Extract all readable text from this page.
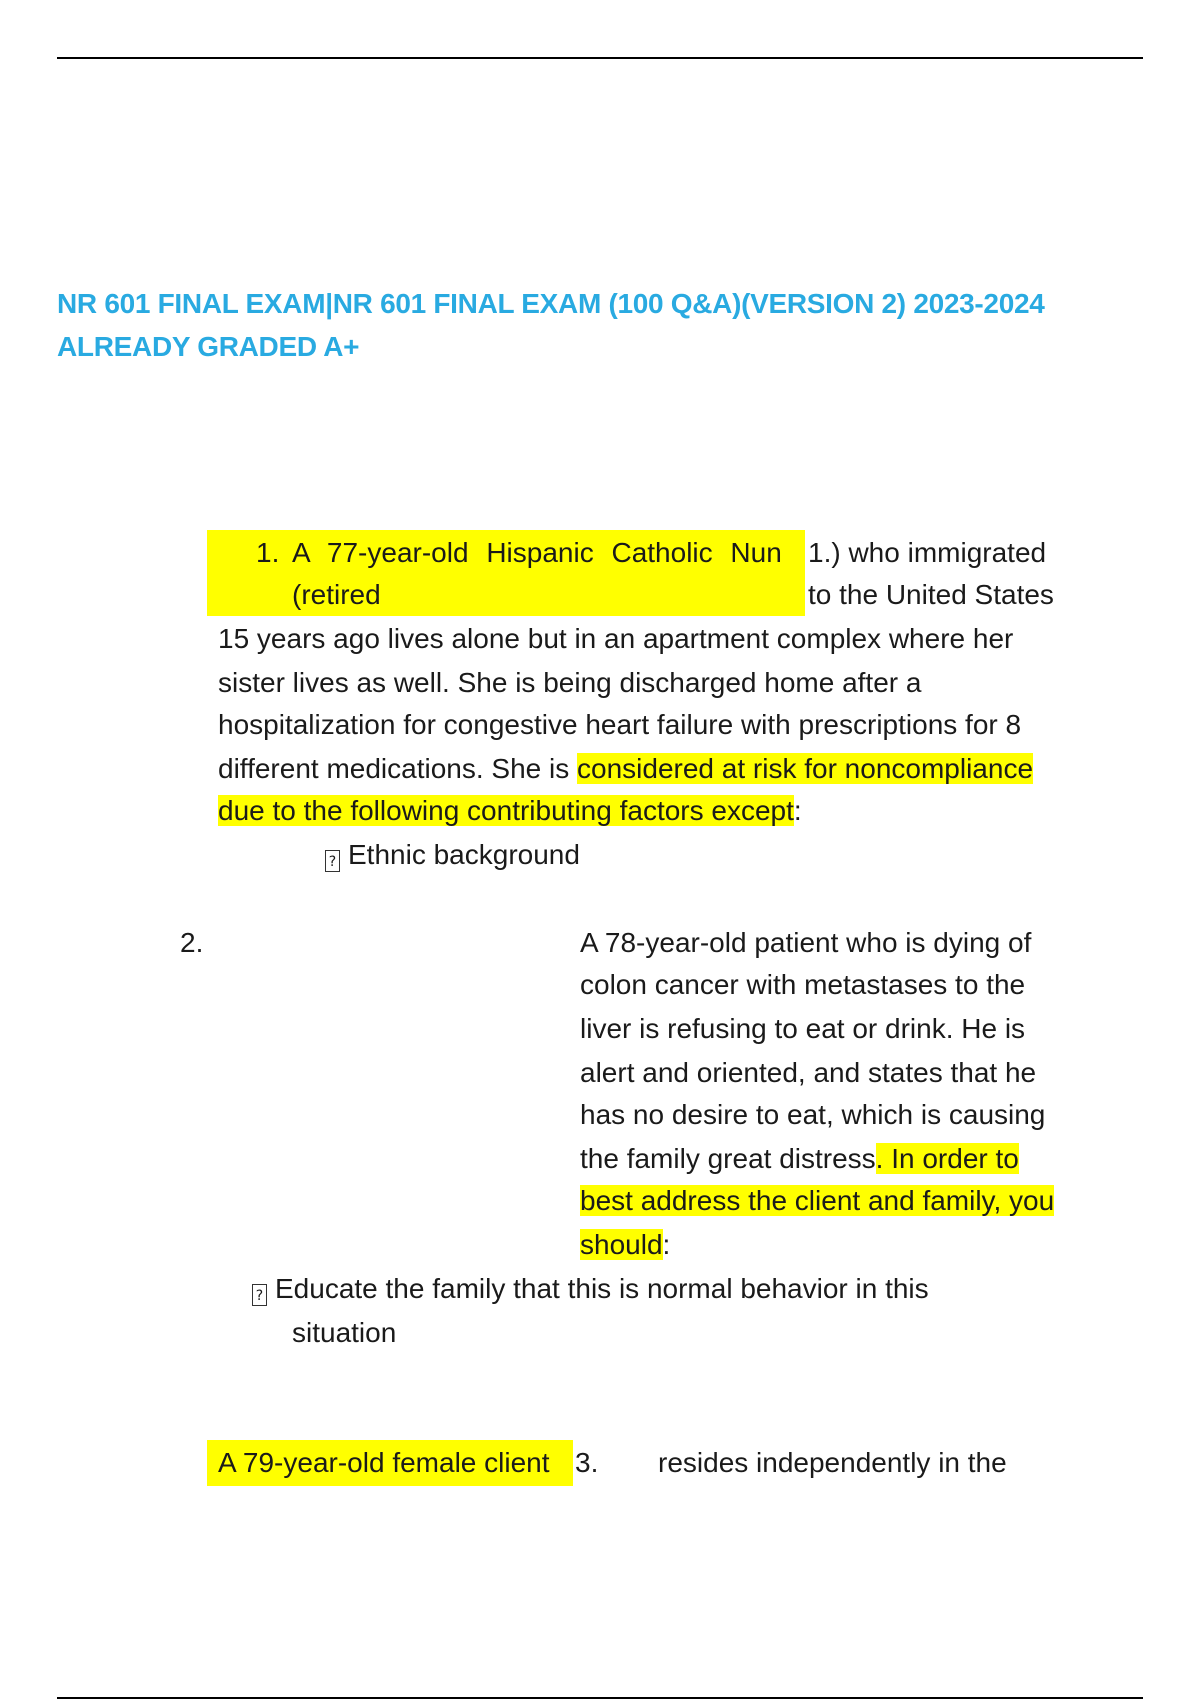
NR 601 FINAL EXAM|NR 601 FINAL EXAM (100 Q&A)(VERSION 2) 2023-2024 ALREADY GRADED A+
1. A 77-year-old Hispanic Catholic Nun 1.) who immigrated
(retired	to the United States
15 years ago lives alone but in an apartment complex where her
sister lives as well. She is being discharged home after a
hospitalization for congestive heart failure with prescriptions for 8
different medications. She is considered at risk for noncompliance
due to the following contributing factors except:
? Ethnic background
2.	A 78-year-old patient who is dying of
colon cancer with metastases to the
liver is refusing to eat or drink. He is
alert and oriented, and states that he
has no desire to eat, which is causing
the family great distress. In order to
best address the client and family, you
should:
? Educate the family that this is normal behavior in this
situation
A 79-year-old female client 3. resides independently in the
